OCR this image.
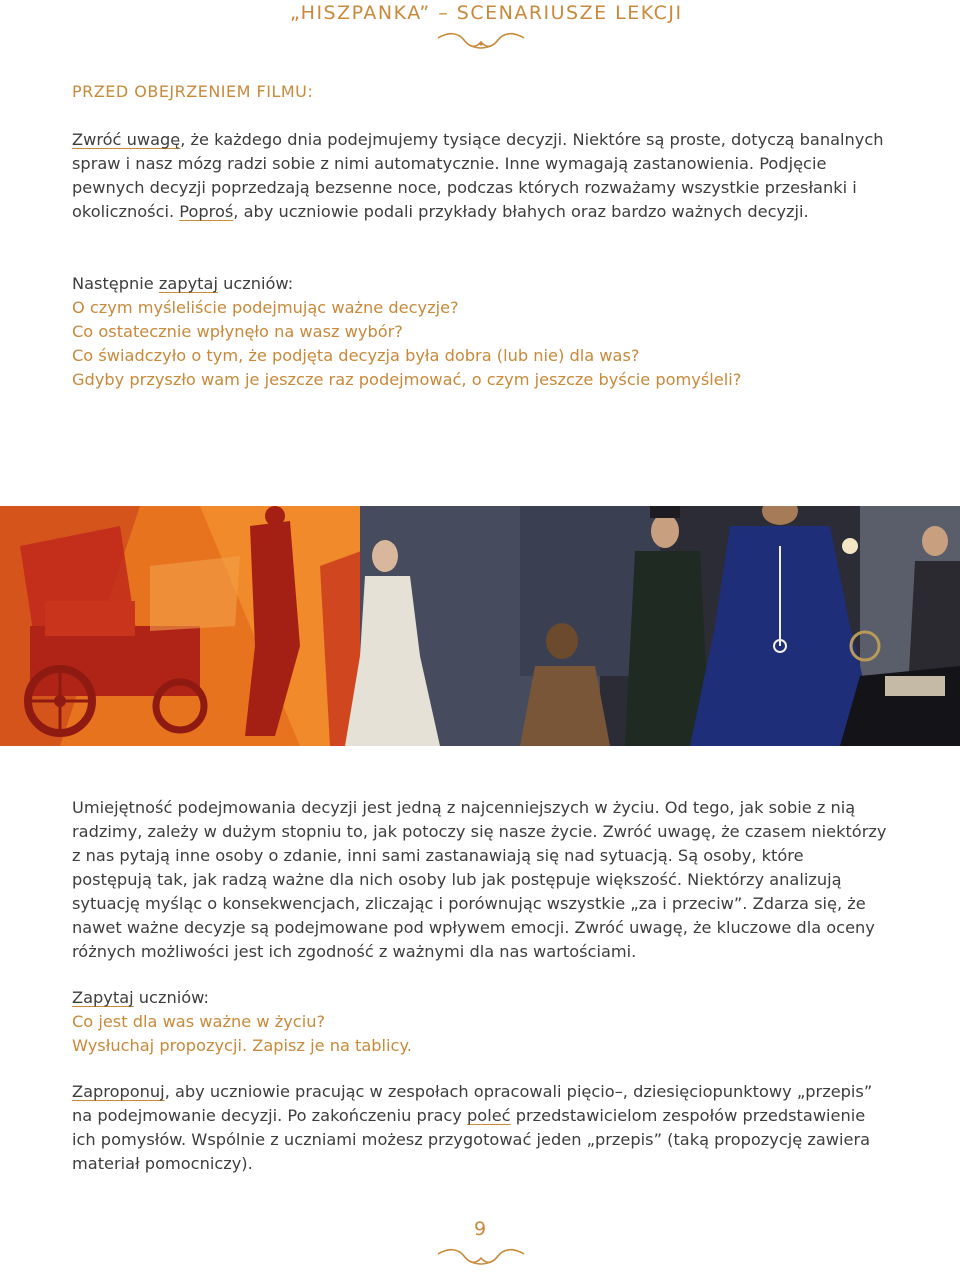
„HISZPANKA” – SCENARIUSZE LEKCJI
PRZED OBEJRZENIEM FILMU:
Zwróć uwagę, że każdego dnia podejmujemy tysiące decyzji. Niektóre są proste, dotyczą banalnych spraw i nasz mózg radzi sobie z nimi automatycznie. Inne wymagają zastanowienia. Podjęcie pewnych decyzji poprzedzają bezsenne noce, podczas których rozważamy wszystkie przesłanki i okoliczności. Poproś, aby uczniowie podali przykłady błahych oraz bardzo ważnych decyzji.
Następnie zapytaj uczniów:
O czym myśleliście podejmując ważne decyzje?
Co ostatecznie wpłynęło na wasz wybór?
Co świadczyło o tym, że podjęta decyzja była dobra (lub nie) dla was?
Gdyby przyszło wam je jeszcze raz podejmować, o czym jeszcze byście pomyśleli?
Umiejętność podejmowania decyzji jest jedną z najcenniejszych w życiu. Od tego, jak sobie z nią radzimy, zależy w dużym stopniu to, jak potoczy się nasze życie. Zwróć uwagę, że czasem niektórzy z nas pytają inne osoby o zdanie, inni sami zastanawiają się nad sytuacją. Są osoby, które postępują tak, jak radzą ważne dla nich osoby lub jak postępuje większość. Niektórzy analizują sytuację myśląc o konsekwencjach, zliczając i porównując wszystkie „za i przeciw”. Zdarza się, że nawet ważne decyzje są podejmowane pod wpływem emocji. Zwróć uwagę, że kluczowe dla oceny różnych możliwości jest ich zgodność z ważnymi dla nas wartościami.
Zapytaj uczniów:
Co jest dla was ważne w życiu?
Wysłuchaj propozycji. Zapisz je na tablicy.
Zaproponuj, aby uczniowie pracując w zespołach opracowali pięcio–, dziesięciopunktowy „przepis” na podejmowanie decyzji. Po zakończeniu pracy poleć przedstawicielom zespołów przedstawienie ich pomysłów. Wspólnie z uczniami możesz przygotować jeden „przepis” (taką propozycję zawiera materiał pomocniczy).
9
